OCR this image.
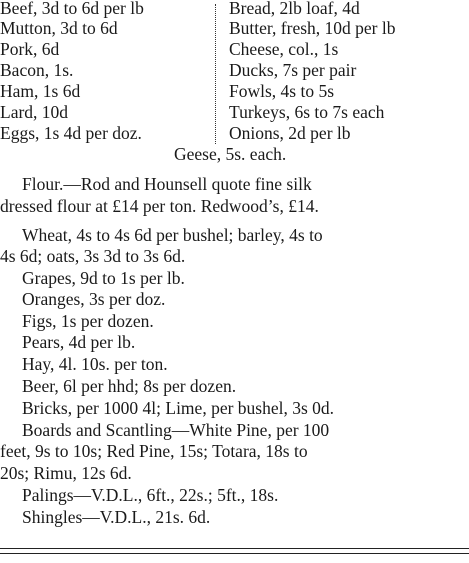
Beef, 3d to 6d per lb
Mutton, 3d to 6d
Pork, 6d
Bacon, 1s.
Ham, 1s 6d
Lard, 10d
Eggs, 1s 4d per doz.
Bread, 2lb loaf, 4d
Butter, fresh, 10d per lb
Cheese, col., 1s
Ducks, 7s per pair
Fowls, 4s to 5s
Turkeys, 6s to 7s each
Onions, 2d per lb
Geese, 5s. each.
Flour.—Rod and Hounsell quote fine silk
dressed flour at £14 per ton. Redwood’s, £14.
Wheat, 4s to 4s 6d per bushel; barley, 4s to
4s 6d; oats, 3s 3d to 3s 6d.
Grapes, 9d to 1s per lb.
Oranges, 3s per doz.
Figs, 1s per dozen.
Pears, 4d per lb.
Hay, 4l. 10s. per ton.
Beer, 6l per hhd; 8s per dozen.
Bricks, per 1000 4l; Lime, per bushel, 3s 0d.
Boards and Scantling—White Pine, per 100
feet, 9s to 10s; Red Pine, 15s; Totara, 18s to
20s; Rimu, 12s 6d.
Palings—V.D.L., 6ft., 22s.; 5ft., 18s.
Shingles—V.D.L., 21s. 6d.
